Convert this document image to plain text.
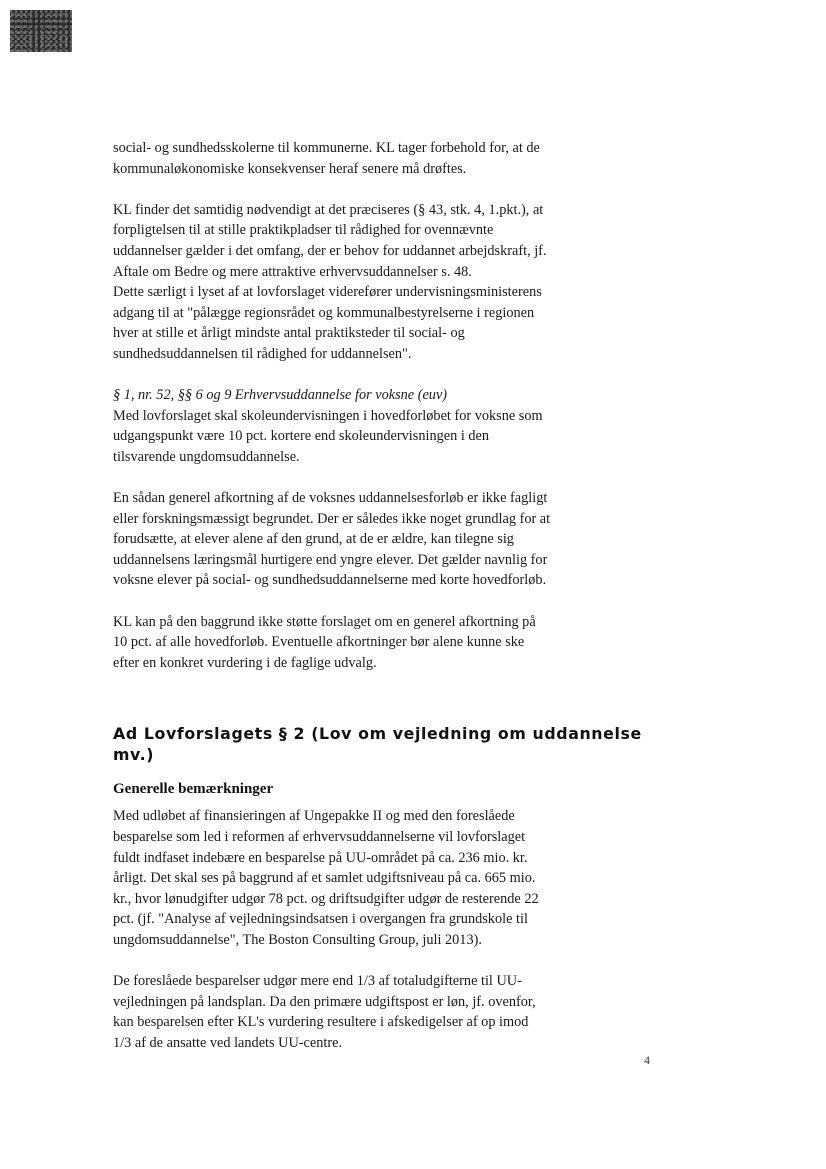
social- og sundhedsskolerne til kommunerne. KL tager forbehold for, at de
kommunaløkonomiske konsekvenser heraf senere må drøftes.
KL finder det samtidig nødvendigt at det præciseres (§ 43, stk. 4, 1.pkt.), at
forpligtelsen til at stille praktikpladser til rådighed for ovennævnte
uddannelser gælder i det omfang, der er behov for uddannet arbejdskraft, jf.
Aftale om Bedre og mere attraktive erhvervsuddannelser s. 48.
Dette særligt i lyset af at lovforslaget viderefører undervisningsministerens
adgang til at "pålægge regionsrådet og kommunalbestyrelserne i regionen
hver at stille et årligt mindste antal praktiksteder til social- og
sundhedsuddannelsen til rådighed for uddannelsen".
§ 1, nr. 52, §§ 6 og 9 Erhvervsuddannelse for voksne (euv)
Med lovforslaget skal skoleundervisningen i hovedforløbet for voksne som
udgangspunkt være 10 pct. kortere end skoleundervisningen i den
tilsvarende ungdomsuddannelse.
En sådan generel afkortning af de voksnes uddannelsesforløb er ikke fagligt
eller forskningsmæssigt begrundet. Der er således ikke noget grundlag for at
forudsætte, at elever alene af den grund, at de er ældre, kan tilegne sig
uddannelsens læringsmål hurtigere end yngre elever. Det gælder navnlig for
voksne elever på social- og sundhedsuddannelserne med korte hovedforløb.
KL kan på den baggrund ikke støtte forslaget om en generel afkortning på
10 pct. af alle hovedforløb. Eventuelle afkortninger bør alene kunne ske
efter en konkret vurdering i de faglige udvalg.
Ad Lovforslagets § 2 (Lov om vejledning om uddannelse
mv.)
Generelle bemærkninger
Med udløbet af finansieringen af Ungepakke II og med den foreslåede
besparelse som led i reformen af erhvervsuddannelserne vil lovforslaget
fuldt indfaset indebære en besparelse på UU-området på ca. 236 mio. kr.
årligt. Det skal ses på baggrund af et samlet udgiftsniveau på ca. 665 mio.
kr., hvor lønudgifter udgør 78 pct. og driftsudgifter udgør de resterende 22
pct. (jf. "Analyse af vejledningsindsatsen i overgangen fra grundskole til
ungdomsuddannelse", The Boston Consulting Group, juli 2013).
De foreslåede besparelser udgør mere end 1/3 af totaludgifterne til UU-
vejledningen på landsplan. Da den primære udgiftspost er løn, jf. ovenfor,
kan besparelsen efter KL's vurdering resultere i afskedigelser af op imod
1/3 af de ansatte ved landets UU-centre.
4
